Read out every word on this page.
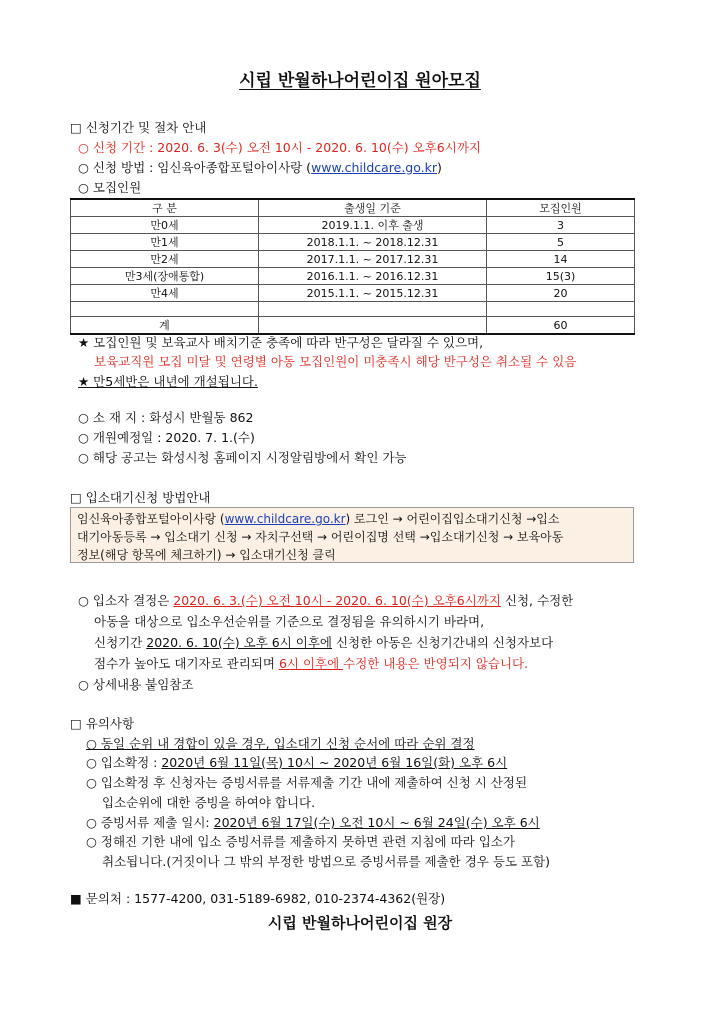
시립 반월하나어린이집 원아모집
□ 신청기간 및 절차 안내
○ 신청 기간 : 2020. 6. 3(수) 오전 10시 - 2020. 6. 10(수) 오후6시까지
○ 신청 방법 : 임신육아종합포털아이사랑 (www.childcare.go.kr)
○ 모집인원
구 분	출생일 기준	모집인원
만0세	2019.1.1. 이후 출생	3
만1세	2018.1.1. ~ 2018.12.31	5
만2세	2017.1.1. ~ 2017.12.31	14
만3세(장애통합)	2016.1.1. ~ 2016.12.31	15(3)
만4세	2015.1.1. ~ 2015.12.31	20

계		60
★ 모집인원 및 보육교사 배치기준 충족에 따라 반구성은 달라질 수 있으며,
보육교직원 모집 미달 및 연령별 아동 모집인원이 미충족시 해당 반구성은 취소될 수 있음
★ 만5세반은 내년에 개설됩니다.
○ 소 재 지 : 화성시 반월동 862
○ 개원예정일 : 2020. 7. 1.(수)
○ 해당 공고는 화성시청 홈페이지 시정알림방에서 확인 가능
□ 입소대기신청 방법안내
임신육아종합포털아이사랑 (www.childcare.go.kr) 로그인 → 어린이집입소대기신청 →입소
대기아동등록 → 입소대기 신청 → 자치구선택 → 어린이집명 선택 →입소대기신청 → 보육아동
정보(해당 항목에 체크하기) → 입소대기신청 클릭
○ 입소자 결정은 2020. 6. 3.(수) 오전 10시 - 2020. 6. 10(수) 오후6시까지 신청, 수정한
아동을 대상으로 입소우선순위를 기준으로 결정됨을 유의하시기 바라며,
신청기간 2020. 6. 10(수) 오후 6시 이후에 신청한 아동은 신청기간내의 신청자보다
점수가 높아도 대기자로 관리되며 6시 이후에 수정한 내용은 반영되지 않습니다.
○ 상세내용 붙임참조
□ 유의사항
○ 동일 순위 내 경합이 있을 경우, 입소대기 신청 순서에 따라 순위 결정
○ 입소확정 : 2020년 6월 11일(목) 10시 ~ 2020년 6월 16일(화) 오후 6시
○ 입소확정 후 신청자는 증빙서류를 서류제출 기간 내에 제출하여 신청 시 산정된
입소순위에 대한 증빙을 하여야 합니다.
○ 증빙서류 제출 일시: 2020년 6월 17일(수) 오전 10시 ~ 6월 24일(수) 오후 6시
○ 정해진 기한 내에 입소 증빙서류를 제출하지 못하면 관련 지침에 따라 입소가
취소됩니다.(거짓이나 그 밖의 부정한 방법으로 증빙서류를 제출한 경우 등도 포함)
■ 문의처 : 1577-4200, 031-5189-6982, 010-2374-4362(원장)
시립 반월하나어린이집 원장
